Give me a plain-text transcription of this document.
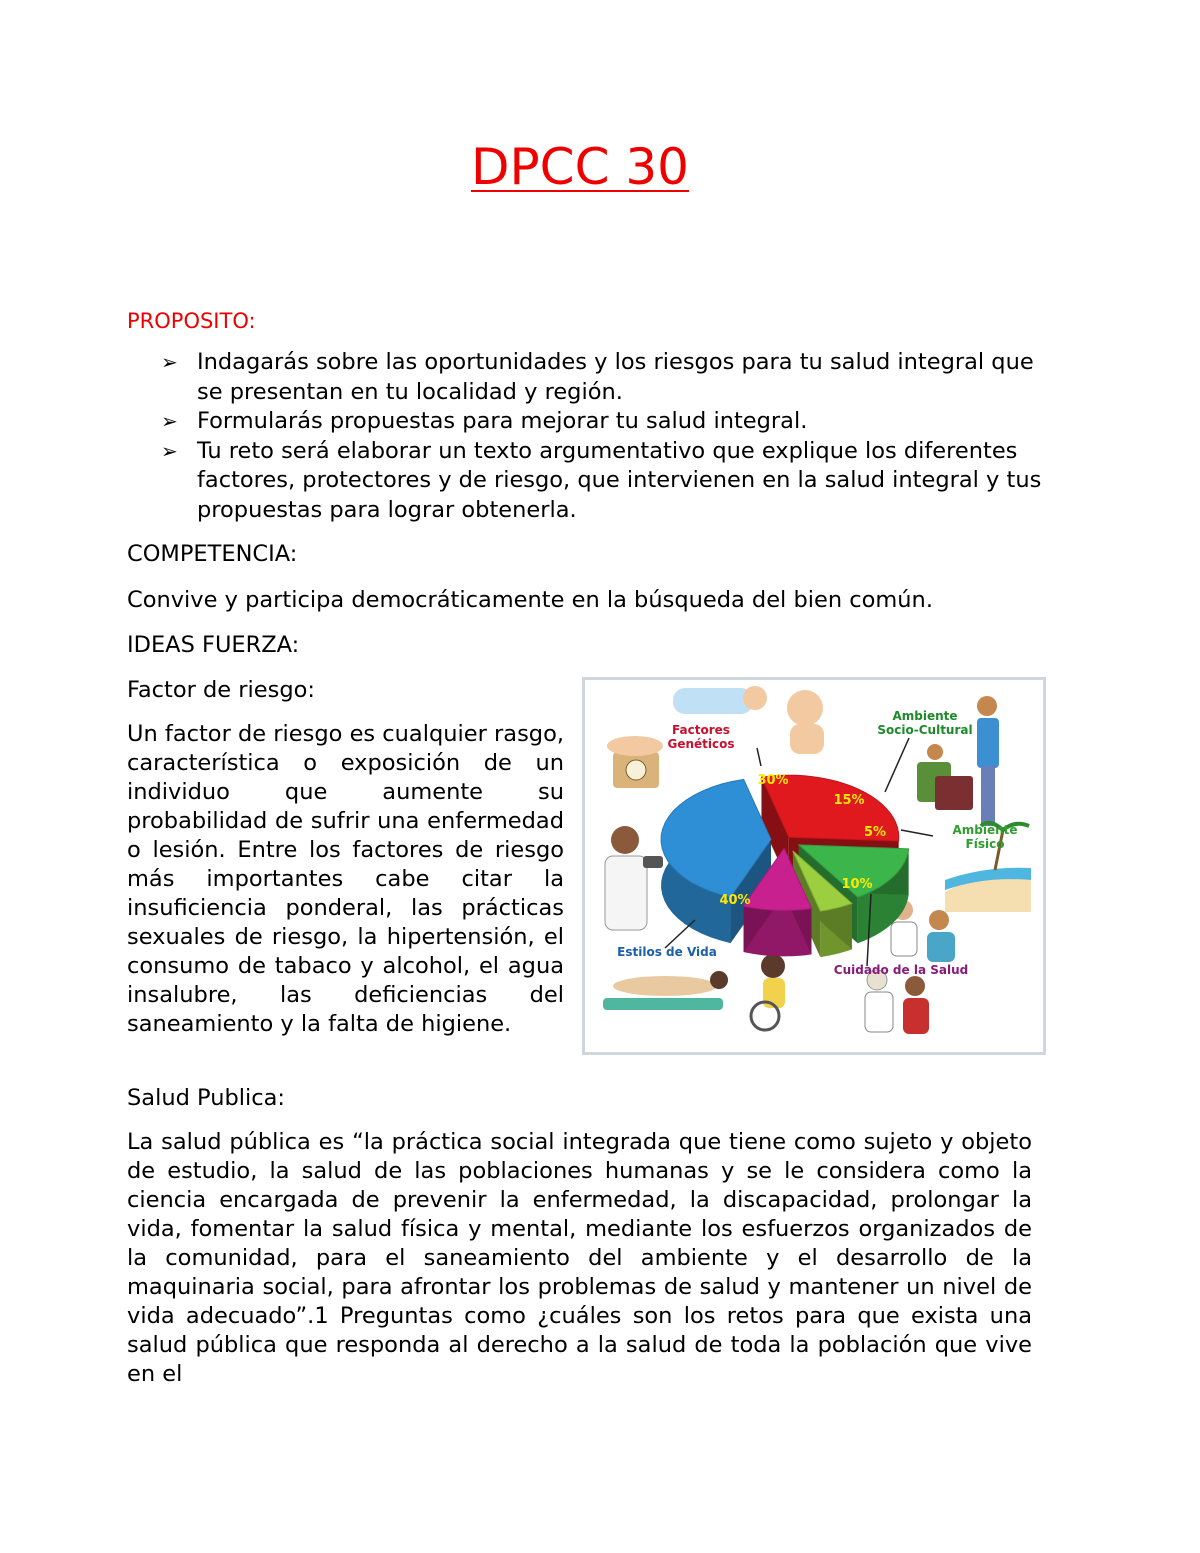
DPCC 30
PROPOSITO:
➢ Indagarás sobre las oportunidades y los riesgos para tu salud integral que se presentan en tu localidad y región.
➢ Formularás propuestas para mejorar tu salud integral.
➢ Tu reto será elaborar un texto argumentativo que explique los diferentes factores, protectores y de riesgo, que intervienen en la salud integral y tus propuestas para lograr obtenerla.
COMPETENCIA:
Convive y participa democráticamente en la búsqueda del bien común.
IDEAS FUERZA:
Factor de riesgo:

Un factor de riesgo es cualquier rasgo, característica o exposición de un individuo que aumente su probabilidad de sufrir una enfermedad o lesión. Entre los factores de riesgo más importantes cabe citar la insuficiencia ponderal, las prácticas sexuales de riesgo, la hipertensión, el consumo de tabaco y alcohol, el agua insalubre, las deficiencias del saneamiento y la falta de higiene.

Factores
Genéticos
Ambiente
Socio-Cultural
Ambiente
Físico
Estilos de Vida
Cuidado de la Salud
30%
15%
5%
10%
40%
Salud Publica:

La salud pública es “la práctica social integrada que tiene como sujeto y objeto de estudio, la salud de las poblaciones humanas y se le considera como la ciencia encargada de prevenir la enfermedad, la discapacidad, prolongar la vida, fomentar la salud física y mental, mediante los esfuerzos organizados de la comunidad, para el saneamiento del ambiente y el desarrollo de la maquinaria social, para afrontar los problemas de salud y mantener un nivel de vida adecuado”.1 Preguntas como ¿cuáles son los retos para que exista una salud pública que responda al derecho a la salud de toda la población que vive en el
